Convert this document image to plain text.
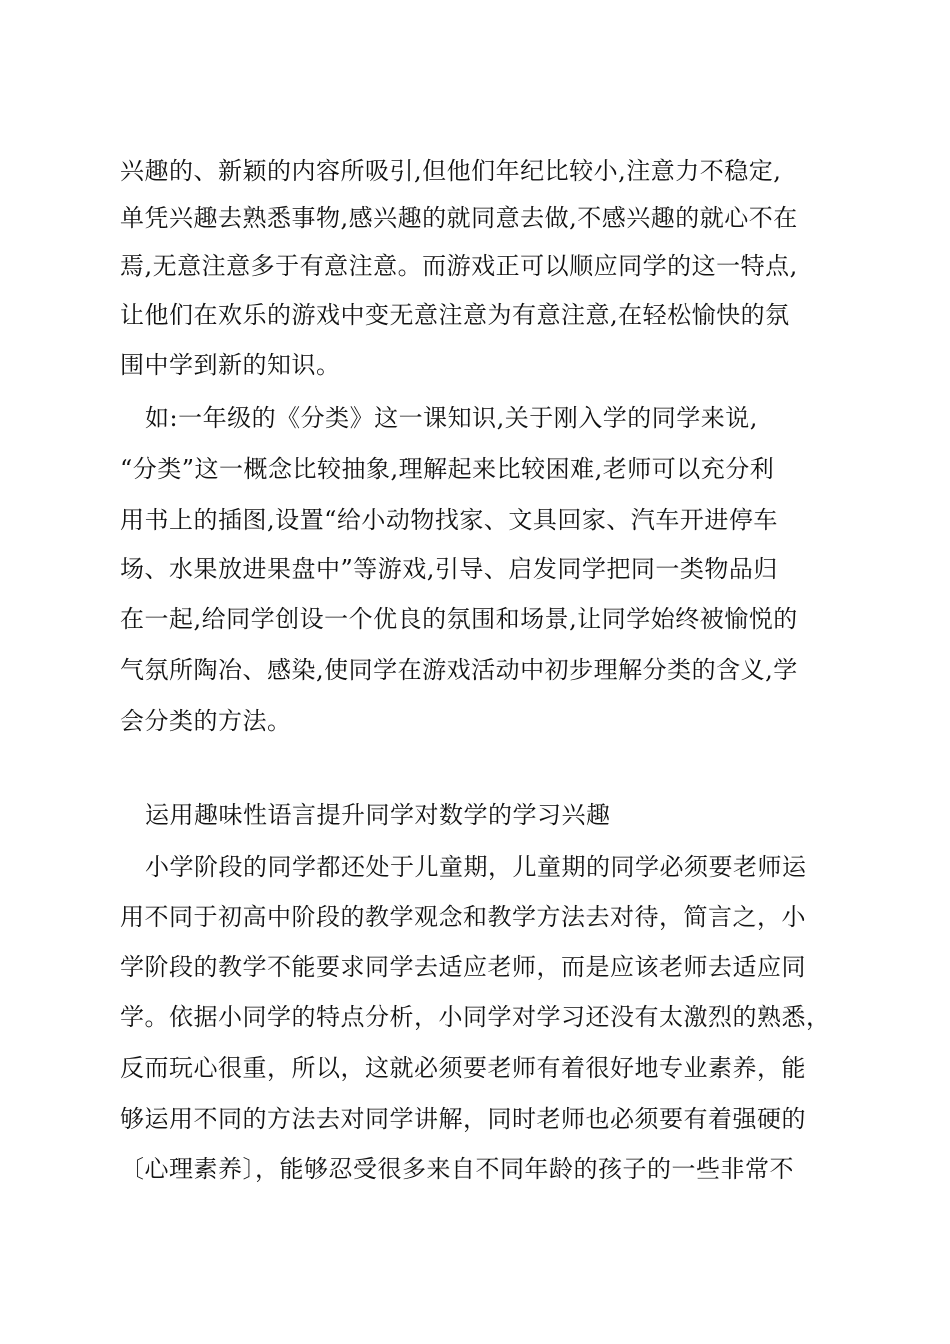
兴趣的、新颖的内容所吸引,但他们年纪比较小,注意力不稳定,
单凭兴趣去熟悉事物,感兴趣的就同意去做,不感兴趣的就心不在
焉,无意注意多于有意注意。而游戏正可以顺应同学的这一特点,
让他们在欢乐的游戏中变无意注意为有意注意,在轻松愉快的氛
围中学到新的知识。
如:一年级的《分类》这一课知识,关于刚入学的同学来说,
“分类”这一概念比较抽象,理解起来比较困难,老师可以充分利
用书上的插图,设置“给小动物找家、文具回家、汽车开进停车
场、水果放进果盘中”等游戏,引导、启发同学把同一类物品归
在一起,给同学创设一个优良的氛围和场景,让同学始终被愉悦的
气氛所陶冶、感染,使同学在游戏活动中初步理解分类的含义,学
会分类的方法。
运用趣味性语言提升同学对数学的学习兴趣
小学阶段的同学都还处于儿童期，儿童期的同学必须要老师运
用不同于初高中阶段的教学观念和教学方法去对待，简言之，小
学阶段的教学不能要求同学去适应老师，而是应该老师去适应同
学。依据小同学的特点分析，小同学对学习还没有太激烈的熟悉，
反而玩心很重，所以，这就必须要老师有着很好地专业素养，能
够运用不同的方法去对同学讲解，同时老师也必须要有着强硬的
〔心理素养〕，能够忍受很多来自不同年龄的孩子的一些非常不
